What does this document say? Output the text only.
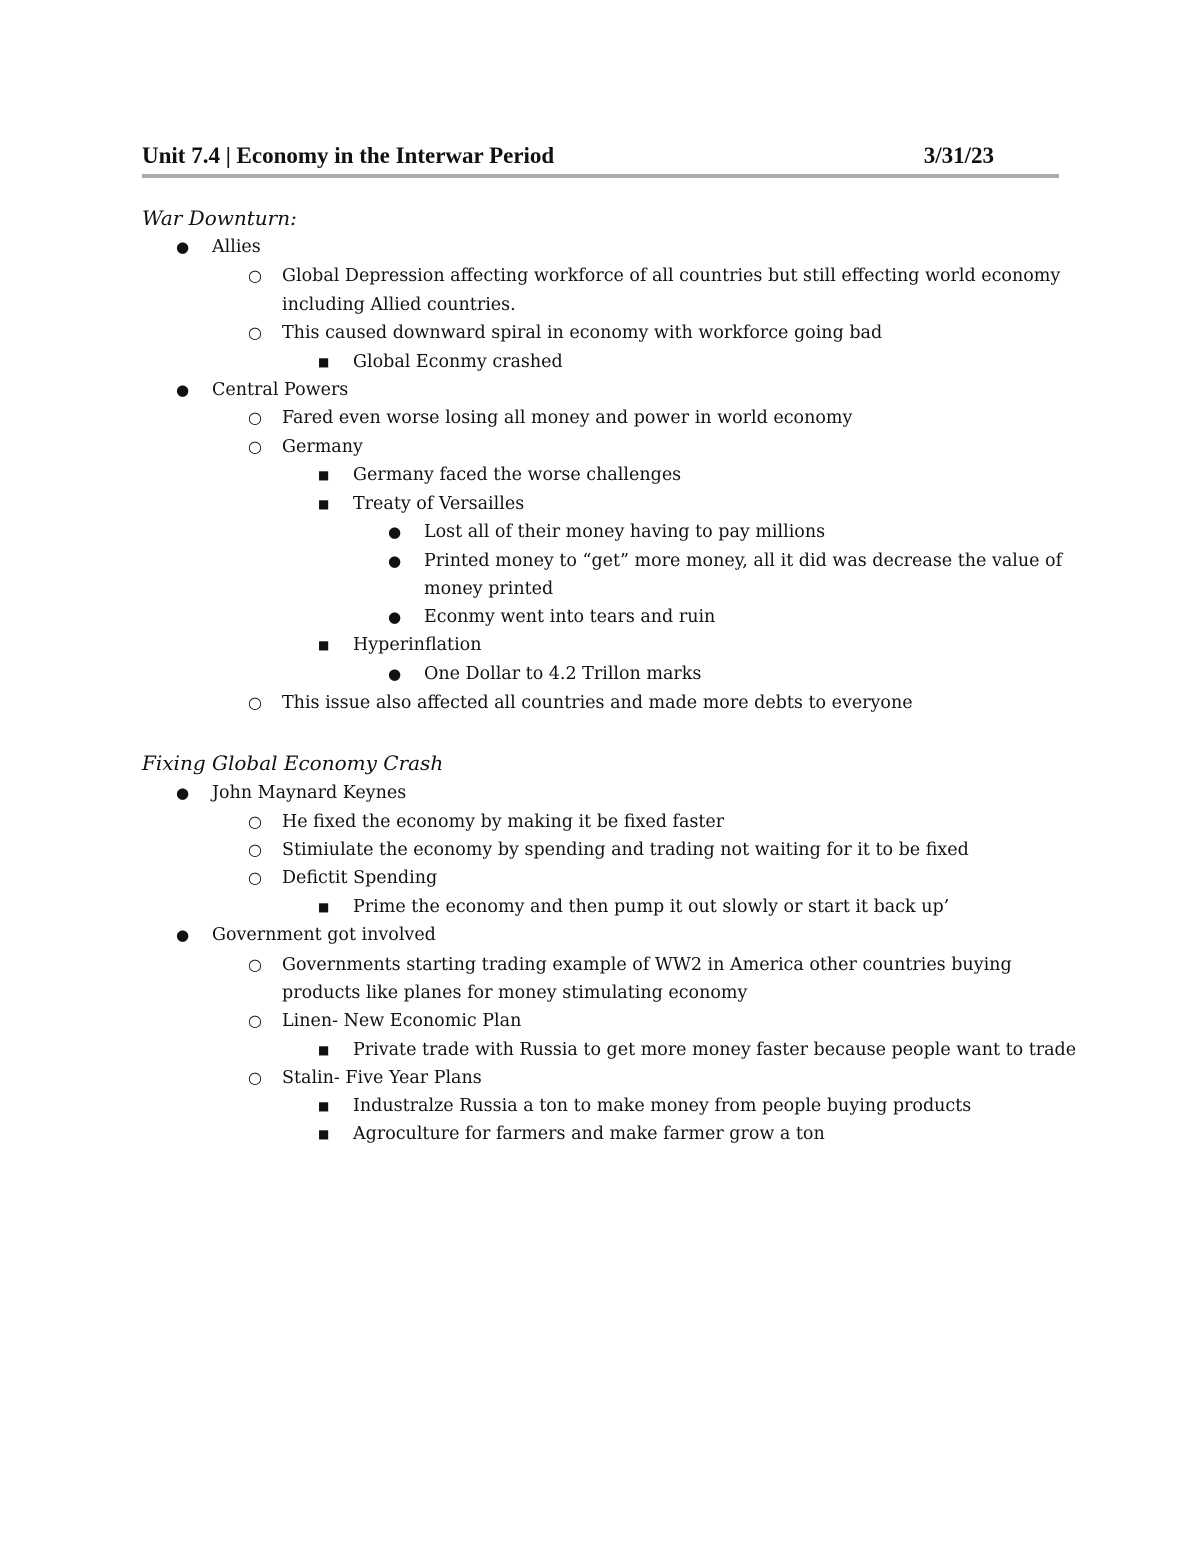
Unit 7.4 | Economy in the Interwar Period	3/31/23
War Downturn:
● Allies
○ Global Depression affecting workforce of all countries but still effecting world economy
including Allied countries.
○ This caused downward spiral in economy with workforce going bad
■ Global Econmy crashed
● Central Powers
○ Fared even worse losing all money and power in world economy
○ Germany
■ Germany faced the worse challenges
■ Treaty of Versailles
● Lost all of their money having to pay millions
● Printed money to “get” more money, all it did was decrease the value of
money printed
● Econmy went into tears and ruin
■ Hyperinflation
● One Dollar to 4.2 Trillon marks
○ This issue also affected all countries and made more debts to everyone
Fixing Global Economy Crash
● John Maynard Keynes
○ He fixed the economy by making it be fixed faster
○ Stimiulate the economy by spending and trading not waiting for it to be fixed
○ Defictit Spending
■ Prime the economy and then pump it out slowly or start it back up’
● Government got involved
○ Governments starting trading example of WW2 in America other countries buying
products like planes for money stimulating economy
○ Linen- New Economic Plan
■ Private trade with Russia to get more money faster because people want to trade
○ Stalin- Five Year Plans
■ Industralze Russia a ton to make money from people buying products
■ Agroculture for farmers and make farmer grow a ton
